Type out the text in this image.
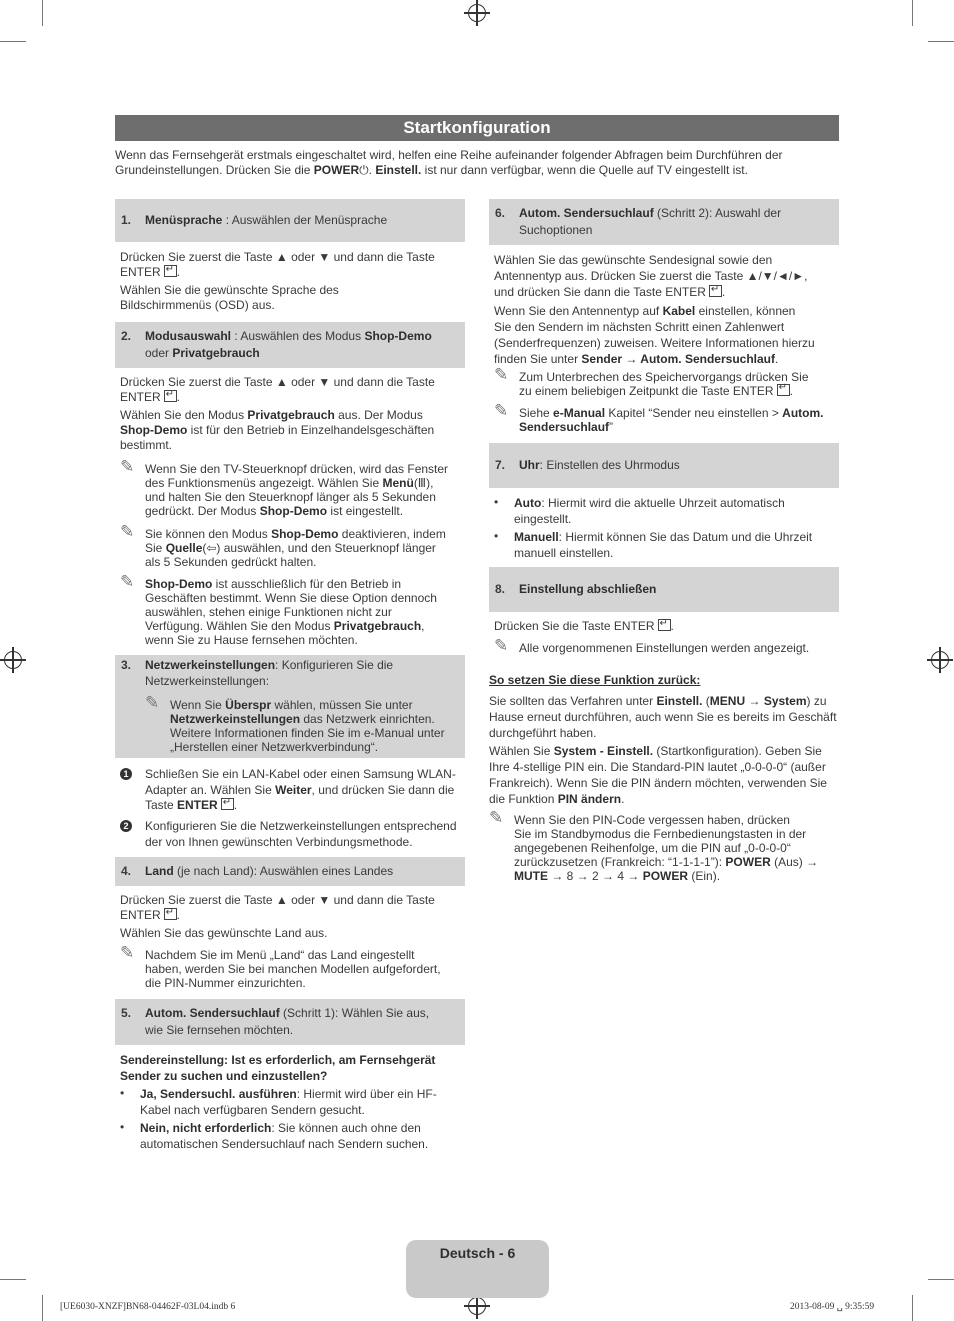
Startkonfiguration
Wenn das Fernsehgerät erstmals eingeschaltet wird, helfen eine Reihe aufeinander folgender Abfragen beim Durchführen der
Grundeinstellungen. Drücken Sie die POWER⏻. Einstell. ist nur dann verfügbar, wenn die Quelle auf TV eingestellt ist.
1. Menüsprache : Auswählen der Menüsprache
Drücken Sie zuerst die Taste ▲ oder ▼ und dann die Taste
ENTER ↵ .
Wählen Sie die gewünschte Sprache des
Bildschirmmenüs (OSD) aus.
2. Modusauswahl : Auswählen des Modus Shop-Demo
oder Privatgebrauch
Drücken Sie zuerst die Taste ▲ oder ▼ und dann die Taste
ENTER ↵ .
Wählen Sie den Modus Privatgebrauch aus. Der Modus
Shop-Demo ist für den Betrieb in Einzelhandelsgeschäften
bestimmt.
✎ Wenn Sie den TV-Steuerknopf drücken, wird das Fenster
des Funktionsmenüs angezeigt. Wählen Sie Menü(Ⅲ),
und halten Sie den Steuerknopf länger als 5 Sekunden
gedrückt. Der Modus Shop-Demo ist eingestellt.
✎ Sie können den Modus Shop-Demo deaktivieren, indem
Sie Quelle(⇦) auswählen, und den Steuerknopf länger
als 5 Sekunden gedrückt halten.
✎ Shop-Demo ist ausschließlich für den Betrieb in
Geschäften bestimmt. Wenn Sie diese Option dennoch
auswählen, stehen einige Funktionen nicht zur
Verfügung. Wählen Sie den Modus Privatgebrauch,
wenn Sie zu Hause fernsehen möchten.
3. Netzwerkeinstellungen: Konfigurieren Sie die
Netzwerkeinstellungen:
✎ Wenn Sie Überspr wählen, müssen Sie unter
Netzwerkeinstellungen das Netzwerk einrichten.
Weitere Informationen finden Sie im e-Manual unter
„Herstellen einer Netzwerkverbindung“.
1 Schließen Sie ein LAN-Kabel oder einen Samsung WLAN-
Adapter an. Wählen Sie Weiter, und drücken Sie dann die
Taste ENTER ↵ .
2 Konfigurieren Sie die Netzwerkeinstellungen entsprechend
der von Ihnen gewünschten Verbindungsmethode.
4. Land (je nach Land): Auswählen eines Landes
Drücken Sie zuerst die Taste ▲ oder ▼ und dann die Taste
ENTER ↵ .
Wählen Sie das gewünschte Land aus.
✎ Nachdem Sie im Menü „Land“ das Land eingestellt
haben, werden Sie bei manchen Modellen aufgefordert,
die PIN-Nummer einzurichten.
5. Autom. Sendersuchlauf (Schritt 1): Wählen Sie aus,
wie Sie fernsehen möchten.
Sendereinstellung: Ist es erforderlich, am Fernsehgerät
Sender zu suchen und einzustellen?
• Ja, Sendersuchl. ausführen: Hiermit wird über ein HF-
Kabel nach verfügbaren Sendern gesucht.
• Nein, nicht erforderlich: Sie können auch ohne den
automatischen Sendersuchlauf nach Sendern suchen.
6. Autom. Sendersuchlauf (Schritt 2): Auswahl der
Suchoptionen
Wählen Sie das gewünschte Sendesignal sowie den
Antennentyp aus. Drücken Sie zuerst die Taste ▲/▼/◄/►,
und drücken Sie dann die Taste ENTER ↵ .
Wenn Sie den Antennentyp auf Kabel einstellen, können
Sie den Sendern im nächsten Schritt einen Zahlenwert
(Senderfrequenzen) zuweisen. Weitere Informationen hierzu
finden Sie unter Sender → Autom. Sendersuchlauf.
✎ Zum Unterbrechen des Speichervorgangs drücken Sie
zu einem beliebigen Zeitpunkt die Taste ENTER ↵ .
✎ Siehe e-Manual Kapitel “Sender neu einstellen > Autom.
Sendersuchlauf”
7. Uhr: Einstellen des Uhrmodus
• Auto: Hiermit wird die aktuelle Uhrzeit automatisch
eingestellt.
• Manuell: Hiermit können Sie das Datum und die Uhrzeit
manuell einstellen.
8. Einstellung abschließen
Drücken Sie die Taste ENTER ↵ .
✎ Alle vorgenommenen Einstellungen werden angezeigt.
So setzen Sie diese Funktion zurück:
Sie sollten das Verfahren unter Einstell. (MENU → System) zu
Hause erneut durchführen, auch wenn Sie es bereits im Geschäft
durchgeführt haben.
Wählen Sie System - Einstell. (Startkonfiguration). Geben Sie
Ihre 4-stellige PIN ein. Die Standard-PIN lautet „0-0-0-0“ (außer
Frankreich). Wenn Sie die PIN ändern möchten, verwenden Sie
die Funktion PIN ändern.
✎ Wenn Sie den PIN-Code vergessen haben, drücken
Sie im Standbymodus die Fernbedienungstasten in der
angegebenen Reihenfolge, um die PIN auf „0-0-0-0“
zurückzusetzen (Frankreich: “1-1-1-1”): POWER (Aus) →
MUTE → 8 → 2 → 4 → POWER (Ein).
Deutsch - 6
[UE6030-XNZF]BN68-04462F-03L04.indb 6	2013-08-09 ␣ 9:35:59
